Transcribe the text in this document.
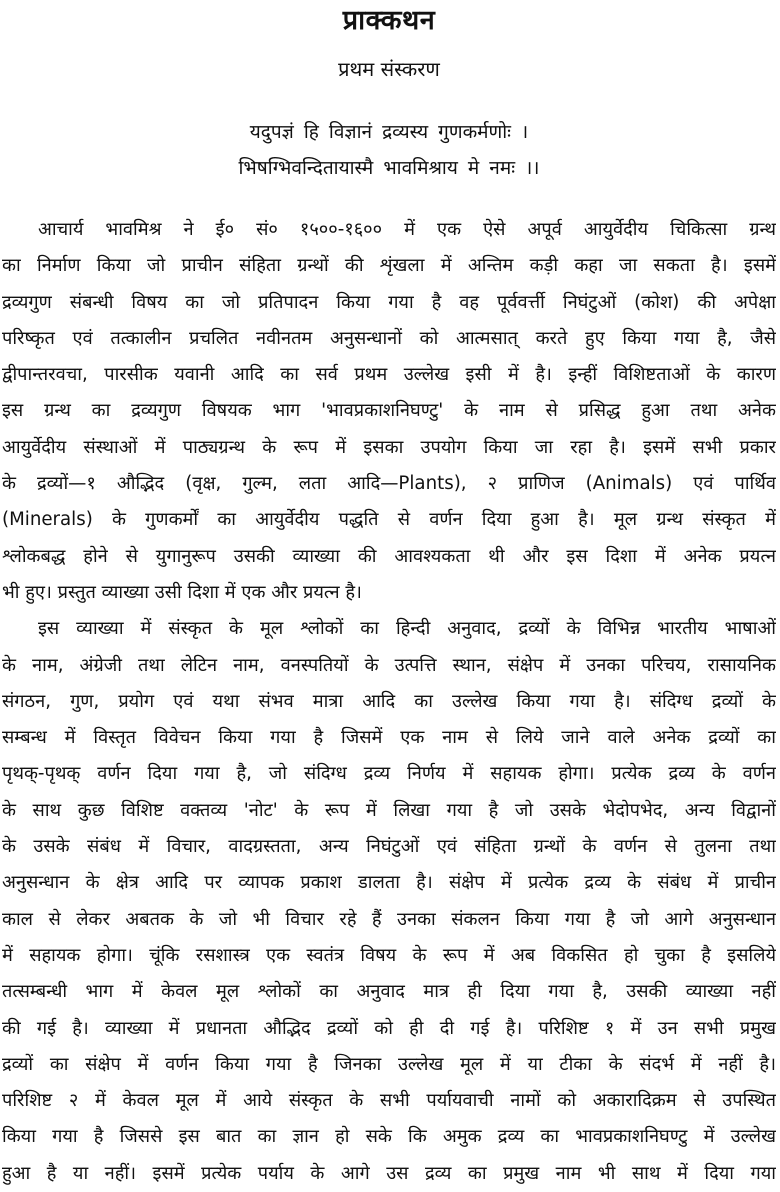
प्राक्कथन
प्रथम संस्करण
यदुपज्ञं हि विज्ञानं द्रव्यस्य गुणकर्मणोः ।
भिषग्भिवन्दितायास्मै भावमिश्राय मे नमः ।।
आचार्य भावमिश्र ने ई० सं० १५००-१६०० में एक ऐसे अपूर्व आयुर्वेदीय चिकित्सा ग्रन्थ
का निर्माण किया जो प्राचीन संहिता ग्रन्थों की शृंखला में अन्तिम कड़ी कहा जा सकता है। इसमें
द्रव्यगुण संबन्धी विषय का जो प्रतिपादन किया गया है वह पूर्ववर्त्ती निघंटुओं (कोश) की अपेक्षा
परिष्कृत एवं तत्कालीन प्रचलित नवीनतम अनुसन्धानों को आत्मसात् करते हुए किया गया है, जैसे
द्वीपान्तरवचा, पारसीक यवानी आदि का सर्व प्रथम उल्लेख इसी में है। इन्हीं विशिष्टताओं के कारण
इस ग्रन्थ का द्रव्यगुण विषयक भाग 'भावप्रकाशनिघण्टु' के नाम से प्रसिद्ध हुआ तथा अनेक
आयुर्वेदीय संस्थाओं में पाठ्यग्रन्थ के रूप में इसका उपयोग किया जा रहा है। इसमें सभी प्रकार
के द्रव्यों—१ औद्भिद (वृक्ष, गुल्म, लता आदि—Plants), २ प्राणिज (Animals) एवं पार्थिव
(Minerals) के गुणकर्मों का आयुर्वेदीय पद्धति से वर्णन दिया हुआ है। मूल ग्रन्थ संस्कृत में
श्लोकबद्ध होने से युगानुरूप उसकी व्याख्या की आवश्यकता थी और इस दिशा में अनेक प्रयत्न
भी हुए। प्रस्तुत व्याख्या उसी दिशा में एक और प्रयत्न है।
इस व्याख्या में संस्कृत के मूल श्लोकों का हिन्दी अनुवाद, द्रव्यों के विभिन्न भारतीय भाषाओं
के नाम, अंग्रेजी तथा लेटिन नाम, वनस्पतियों के उत्पत्ति स्थान, संक्षेप में उनका परिचय, रासायनिक
संगठन, गुण, प्रयोग एवं यथा संभव मात्रा आदि का उल्लेख किया गया है। संदिग्ध द्रव्यों के
सम्बन्ध में विस्तृत विवेचन किया गया है जिसमें एक नाम से लिये जाने वाले अनेक द्रव्यों का
पृथक्-पृथक् वर्णन दिया गया है, जो संदिग्ध द्रव्य निर्णय में सहायक होगा। प्रत्येक द्रव्य के वर्णन
के साथ कुछ विशिष्ट वक्तव्य 'नोट' के रूप में लिखा गया है जो उसके भेदोपभेद, अन्य विद्वानों
के उसके संबंध में विचार, वादग्रस्तता, अन्य निघंटुओं एवं संहिता ग्रन्थों के वर्णन से तुलना तथा
अनुसन्धान के क्षेत्र आदि पर व्यापक प्रकाश डालता है। संक्षेप में प्रत्येक द्रव्य के संबंध में प्राचीन
काल से लेकर अबतक के जो भी विचार रहे हैं उनका संकलन किया गया है जो आगे अनुसन्धान
में सहायक होगा। चूंकि रसशास्त्र एक स्वतंत्र विषय के रूप में अब विकसित हो चुका है इसलिये
तत्सम्बन्धी भाग में केवल मूल श्लोकों का अनुवाद मात्र ही दिया गया है, उसकी व्याख्या नहीं
की गई है। व्याख्या में प्रधानता औद्भिद द्रव्यों को ही दी गई है। परिशिष्ट १ में उन सभी प्रमुख
द्रव्यों का संक्षेप में वर्णन किया गया है जिनका उल्लेख मूल में या टीका के संदर्भ में नहीं है।
परिशिष्ट २ में केवल मूल में आये संस्कृत के सभी पर्यायवाची नामों को अकारादिक्रम से उपस्थित
किया गया है जिससे इस बात का ज्ञान हो सके कि अमुक द्रव्य का भावप्रकाशनिघण्टु में उल्लेख
हुआ है या नहीं। इसमें प्रत्येक पर्याय के आगे उस द्रव्य का प्रमुख नाम भी साथ में दिया गया
